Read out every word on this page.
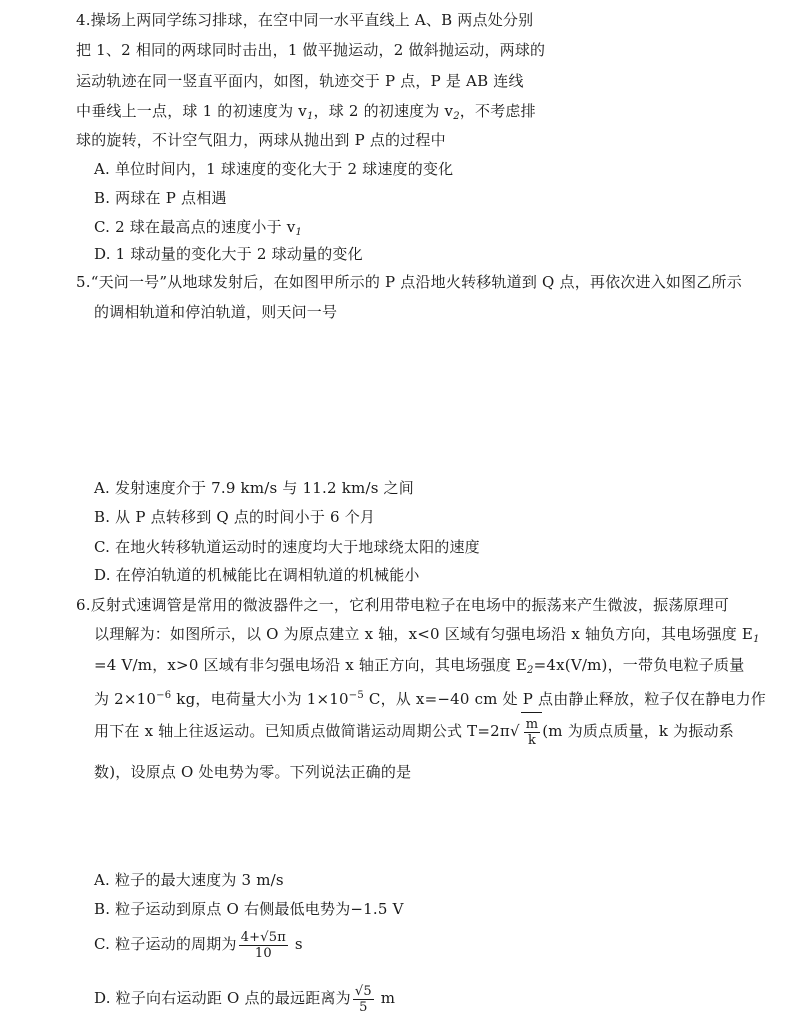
4.操场上两同学练习排球，在空中同一水平直线上 A、B 两点处分别
把 1、2 相同的两球同时击出，1 做平抛运动，2 做斜抛运动，两球的
运动轨迹在同一竖直平面内，如图，轨迹交于 P 点，P 是 AB 连线
中垂线上一点，球 1 的初速度为 $v_1$，球 2 的初速度为 $v_2$，不考虑排
球的旋转，不计空气阻力，两球从抛出到 P 点的过程中
A. 单位时间内，1 球速度的变化大于 2 球速度的变化
B. 两球在 P 点相遇
C. 2 球在最高点的速度小于 $v_1$
D. 1 球动量的变化大于 2 球动量的变化
5.“天问一号”从地球发射后，在如图甲所示的 P 点沿地火转移轨道到 Q 点，再依次进入如图乙所示
的调相轨道和停泊轨道，则天问一号
A. 发射速度介于 7.9 km/s 与 11.2 km/s 之间
B. 从 P 点转移到 Q 点的时间小于 6 个月
C. 在地火转移轨道运动时的速度均大于地球绕太阳的速度
D. 在停泊轨道的机械能比在调相轨道的机械能小
6.反射式速调管是常用的微波器件之一，它利用带电粒子在电场中的振荡来产生微波，振荡原理可
以理解为：如图所示，以 O 为原点建立 x 轴，x<0 区域有匀强电场沿 x 轴负方向，其电场强度 $E_1$
=4 V/m，x>0 区域有非匀强电场沿 x 轴正方向，其电场强度 $E_2=4x(V/m)$，一带负电粒子质量
为 $2\times 10^{-6}$ kg，电荷量大小为 $1\times 10^{-5}$ C，从 x=−40 cm 处 P 点由静止释放，粒子仅在静电力作
用下在 x 轴上往返运动。已知质点做简谐运动周期公式 $T=2\pi√ \frac{m}{k} (m$ 为质点质量，k 为振动系
数)，设原点 O 处电势为零。下列说法正确的是
A. 粒子的最大速度为 3 m/s
B. 粒子运动到原点 O 右侧最低电势为−1.5 V
C. 粒子运动的周期为 $\frac{4+√5\pi}{10}$ s
D. 粒子向右运动距 O 点的最远距离为 $\frac{√5}{5}$ m
